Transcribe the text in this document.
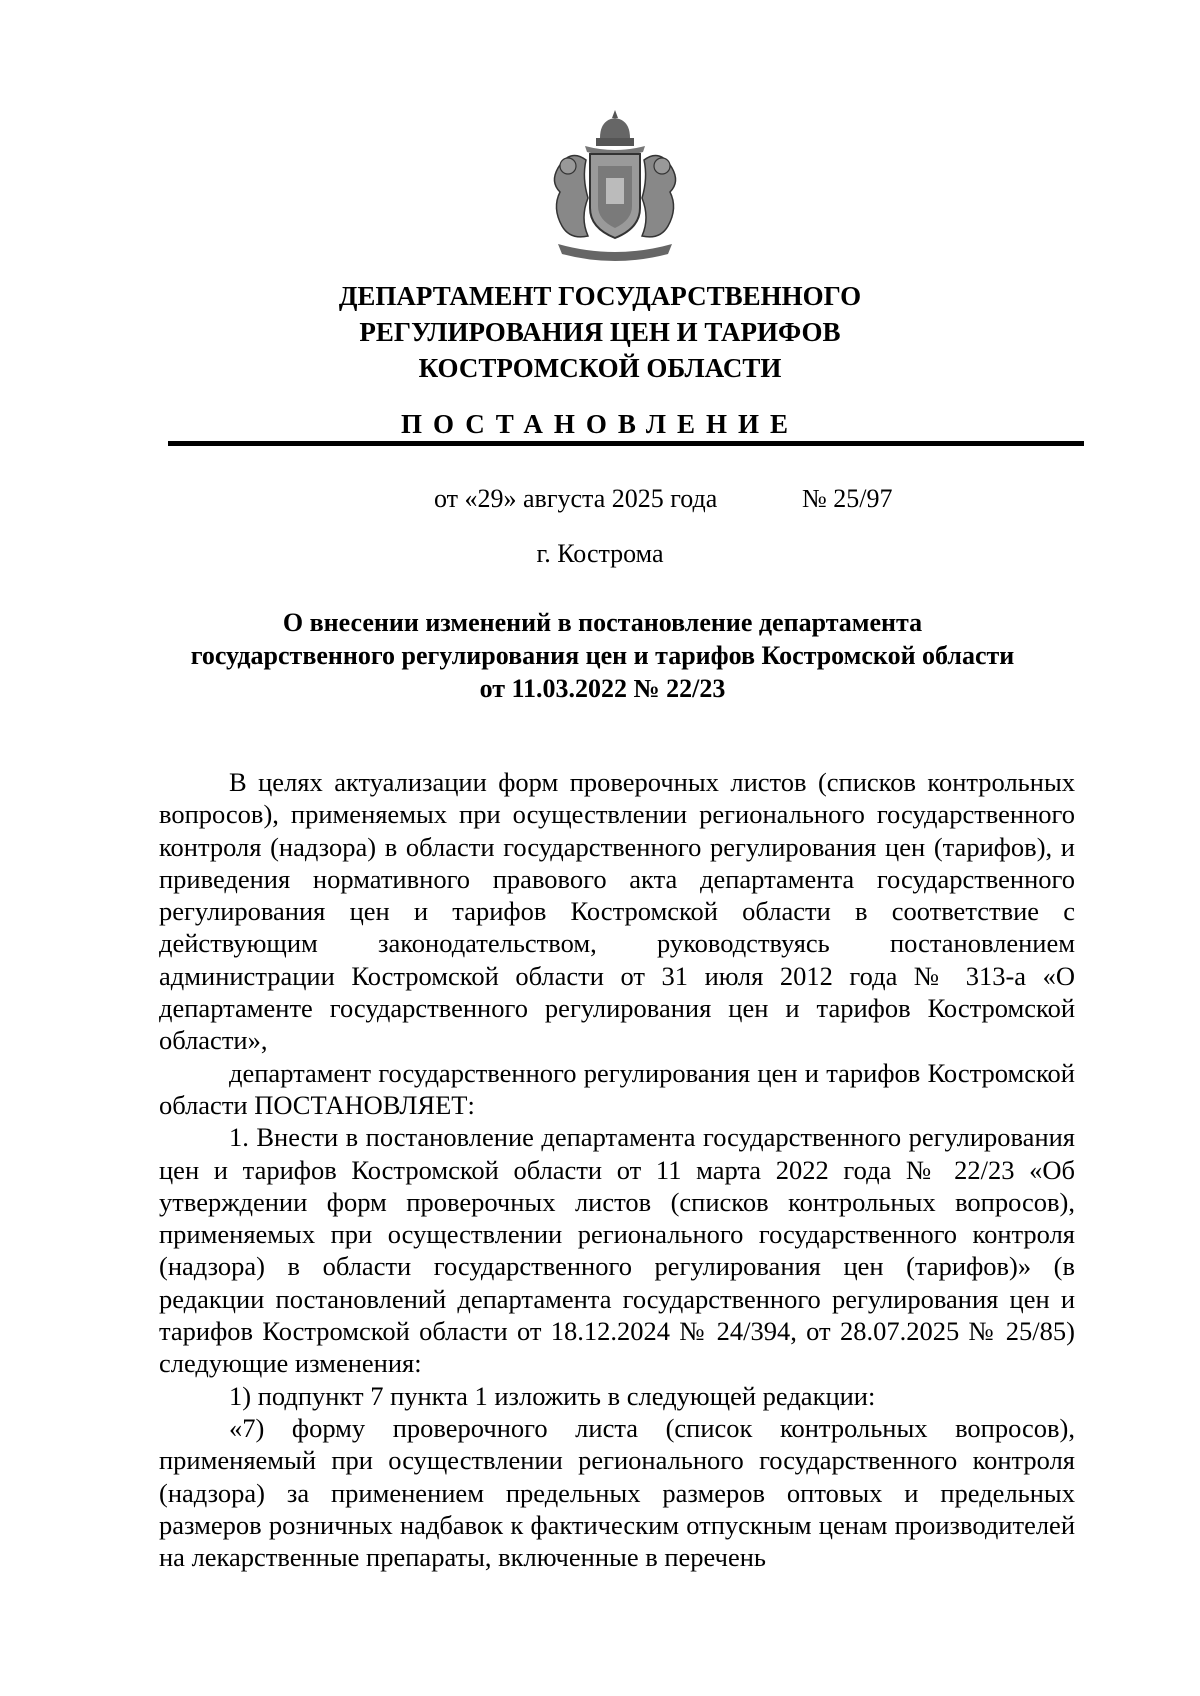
ДЕПАРТАМЕНТ ГОСУДАРСТВЕННОГО
РЕГУЛИРОВАНИЯ ЦЕН И ТАРИФОВ
КОСТРОМСКОЙ ОБЛАСТИ
ПОСТАНОВЛЕНИЕ
от «29» августа 2025 года	№ 25/97
г. Кострома
О внесении изменений в постановление департамента
государственного регулирования цен и тарифов Костромской области
от 11.03.2022 № 22/23

В целях актуализации форм проверочных листов (списков контрольных вопросов), применяемых при осуществлении регионального государственного контроля (надзора) в области государственного регулирования цен (тарифов), и приведения нормативного правового акта департамента государственного регулирования цен и тарифов Костромской области в соответствие с действующим законодательством, руководствуясь постановлением администрации Костромской области от 31 июля 2012 года № 313-а «О департаменте государственного регулирования цен и тарифов Костромской области»,

департамент государственного регулирования цен и тарифов Костромской области ПОСТАНОВЛЯЕТ:

1. Внести в постановление департамента государственного регулирования цен и тарифов Костромской области от 11 марта 2022 года № 22/23 «Об утверждении форм проверочных листов (списков контрольных вопросов), применяемых при осуществлении регионального государственного контроля (надзора) в области государственного регулирования цен (тарифов)» (в редакции постановлений департамента государственного регулирования цен и тарифов Костромской области от 18.12.2024 № 24/394, от 28.07.2025 № 25/85) следующие изменения:

1) подпункт 7 пункта 1 изложить в следующей редакции:

«7) форму проверочного листа (список контрольных вопросов), применяемый при осуществлении регионального государственного контроля (надзора) за применением предельных размеров оптовых и предельных размеров розничных надбавок к фактическим отпускным ценам производителей на лекарственные препараты, включенные в перечень
